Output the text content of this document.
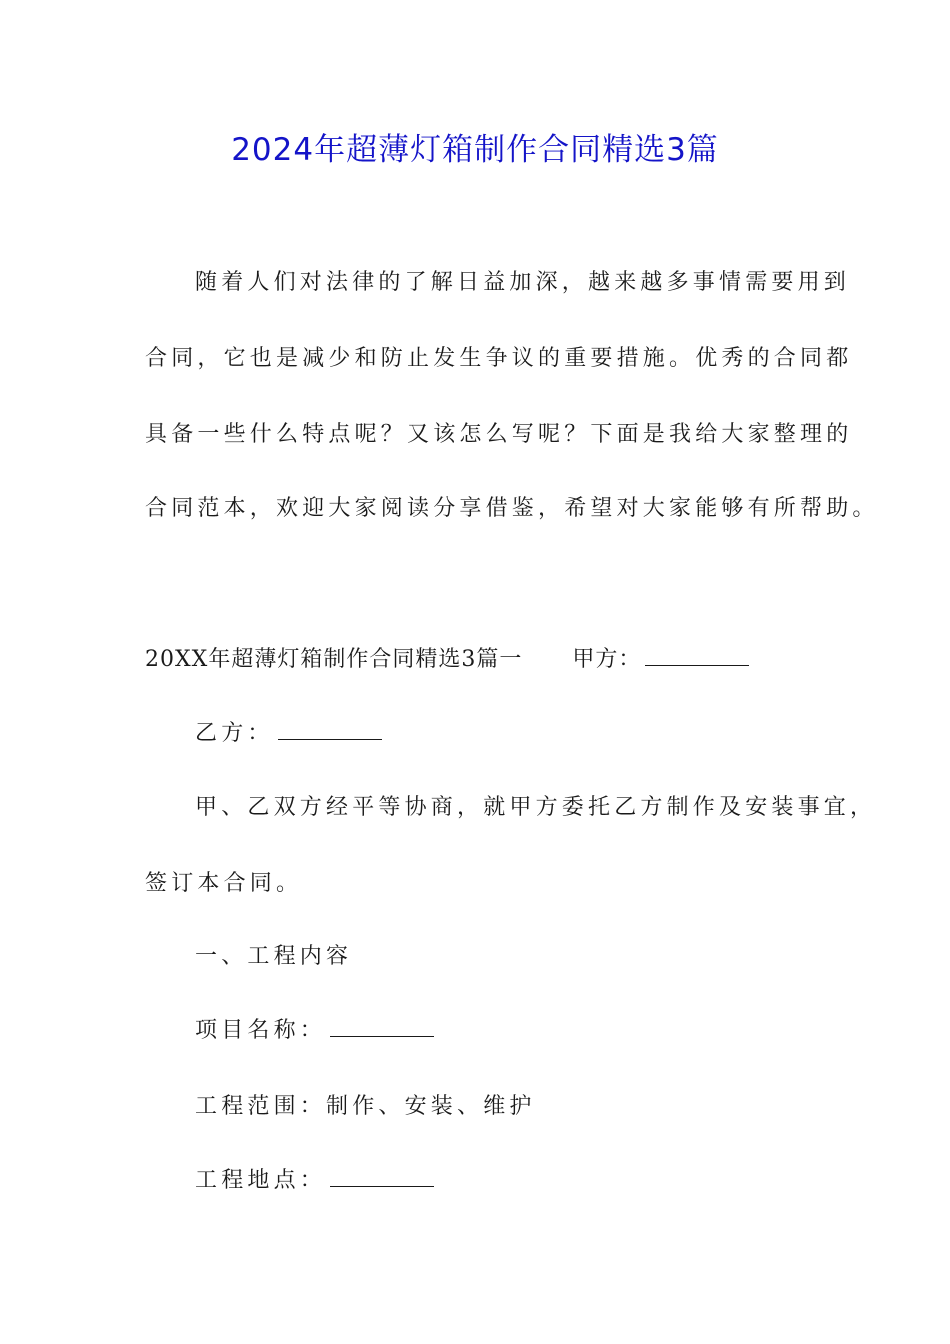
2024年超薄灯箱制作合同精选3篇
随着人们对法律的了解日益加深，越来越多事情需要用到
合同，它也是减少和防止发生争议的重要措施。优秀的合同都
具备一些什么特点呢？又该怎么写呢？下面是我给大家整理的
合同范本，欢迎大家阅读分享借鉴，希望对大家能够有所帮助。
20XX年超薄灯箱制作合同精选3篇一 甲方：
乙方：
甲、乙双方经平等协商，就甲方委托乙方制作及安装事宜，
签订本合同。
一、工程内容
项目名称：
工程范围：制作、安装、维护
工程地点：
